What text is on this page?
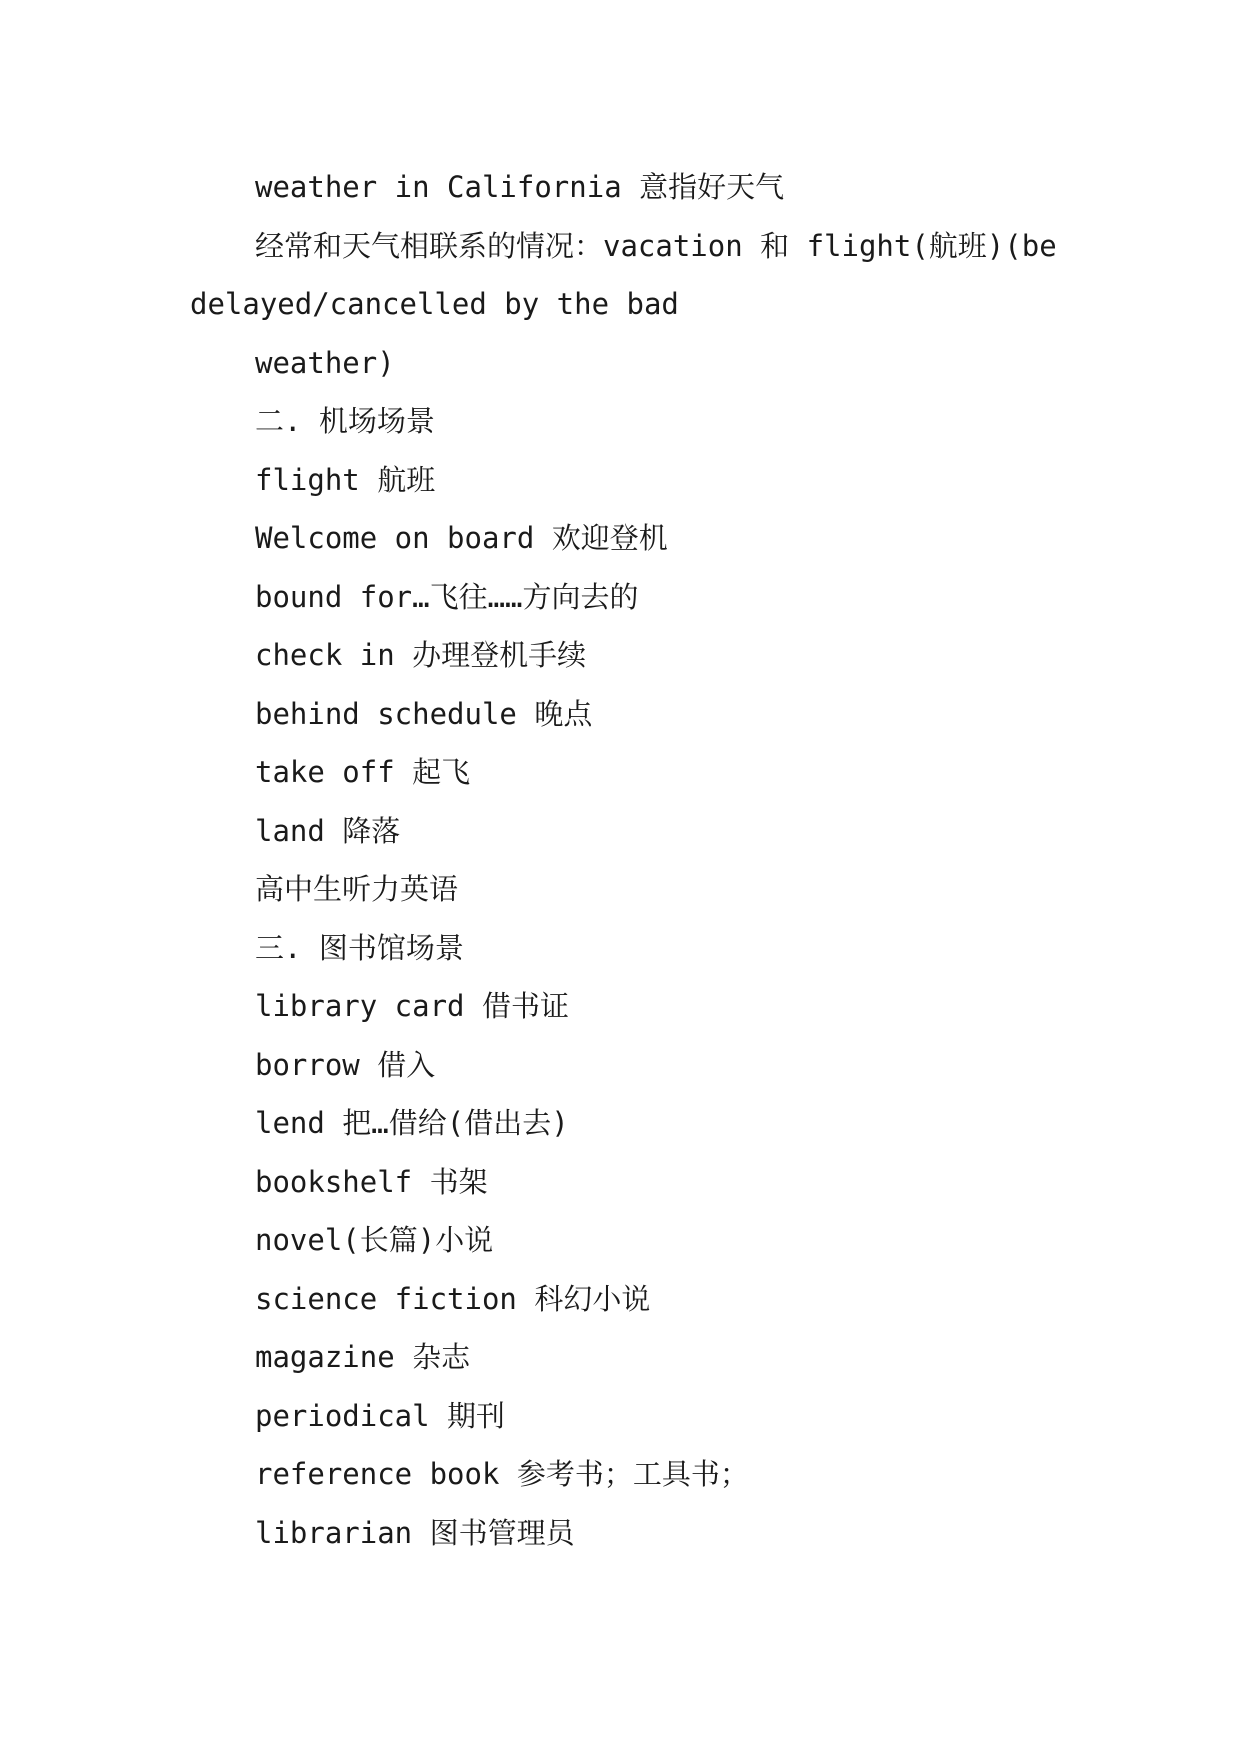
weather in California 意指好天气

经常和天气相联系的情况：vacation 和 flight(航班)(be delayed/cancelled by the bad

weather)

二. 机场场景

flight 航班

Welcome on board 欢迎登机

bound for…飞往……方向去的

check in 办理登机手续

behind schedule 晚点

take off 起飞

land 降落

高中生听力英语

三. 图书馆场景

library card 借书证

borrow 借入

lend 把…借给(借出去)

bookshelf 书架

novel(长篇)小说

science fiction 科幻小说

magazine 杂志

periodical 期刊

reference book 参考书；工具书；

librarian 图书管理员
